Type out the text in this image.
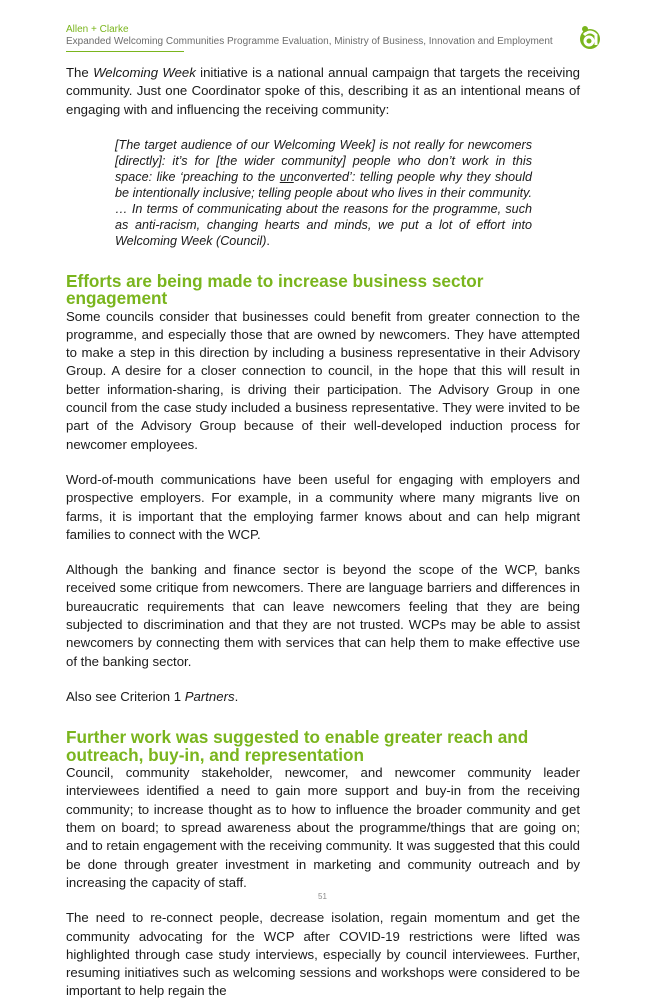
Allen + Clarke
Expanded Welcoming Communities Programme Evaluation, Ministry of Business, Innovation and Employment

The Welcoming Week initiative is a national annual campaign that targets the receiving community. Just one Coordinator spoke of this, describing it as an intentional means of engaging with and influencing the receiving community:

[The target audience of our Welcoming Week] is not really for newcomers [directly]: it’s for [the wider community] people who don’t work in this space: like ‘preaching to the unconverted’: telling people why they should be intentionally inclusive; telling people about who lives in their community. … In terms of communicating about the reasons for the programme, such as anti-racism, changing hearts and minds, we put a lot of effort into Welcoming Week (Council).
Efforts are being made to increase business sector engagement

Some councils consider that businesses could benefit from greater connection to the programme, and especially those that are owned by newcomers. They have attempted to make a step in this direction by including a business representative in their Advisory Group. A desire for a closer connection to council, in the hope that this will result in better information-sharing, is driving their participation. The Advisory Group in one council from the case study included a business representative. They were invited to be part of the Advisory Group because of their well-developed induction process for newcomer employees.

Word-of-mouth communications have been useful for engaging with employers and prospective employers. For example, in a community where many migrants live on farms, it is important that the employing farmer knows about and can help migrant families to connect with the WCP.

Although the banking and finance sector is beyond the scope of the WCP, banks received some critique from newcomers. There are language barriers and differences in bureaucratic requirements that can leave newcomers feeling that they are being subjected to discrimination and that they are not trusted. WCPs may be able to assist newcomers by connecting them with services that can help them to make effective use of the banking sector.

Also see Criterion 1 Partners.

Further work was suggested to enable greater reach and outreach, buy-in, and representation

Council, community stakeholder, newcomer, and newcomer community leader interviewees identified a need to gain more support and buy-in from the receiving community; to increase thought as to how to influence the broader community and get them on board; to spread awareness about the programme/things that are going on; and to retain engagement with the receiving community. It was suggested that this could be done through greater investment in marketing and community outreach and by increasing the capacity of staff.

The need to re-connect people, decrease isolation, regain momentum and get the community advocating for the WCP after COVID-19 restrictions were lifted was highlighted through case study interviews, especially by council interviewees. Further, resuming initiatives such as welcoming sessions and workshops were considered to be important to help regain the

51
